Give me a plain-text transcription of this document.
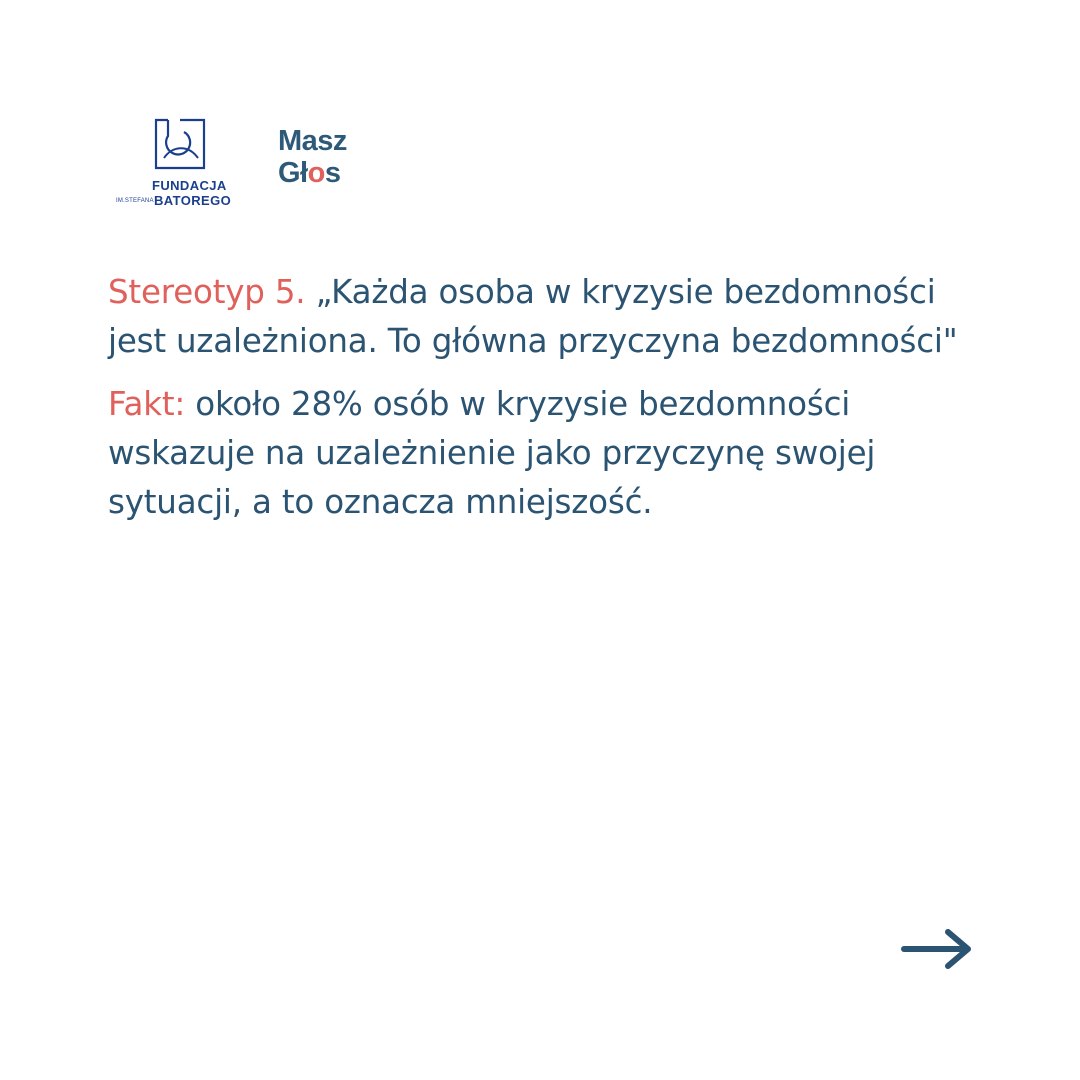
FUNDACJA
IM.STEFANA BATOREGO
Masz
Głos

Stereotyp 5. „Każda osoba w kryzysie bezdomności jest uzależniona. To główna przyczyna bezdomności"

Fakt: około 28% osób w kryzysie bezdomności wskazuje na uzależnienie jako przyczynę swojej sytuacji, a to oznacza mniejszość.
